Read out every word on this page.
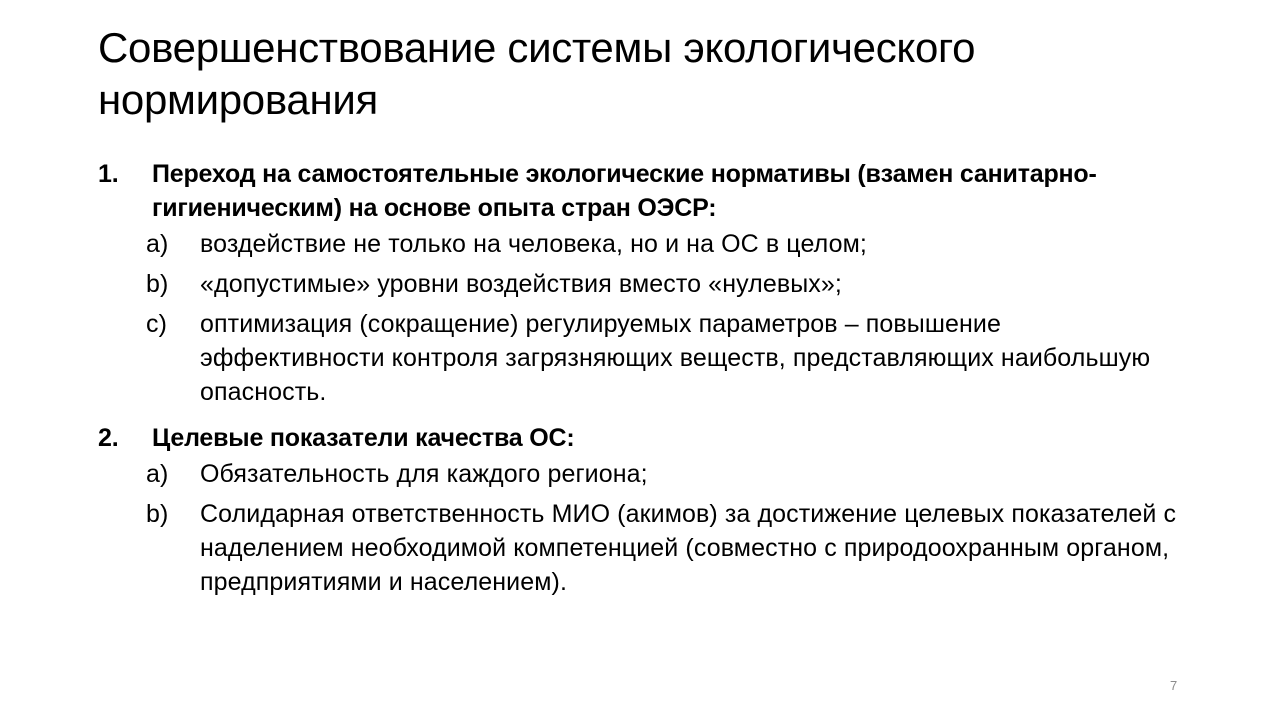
Совершенствование системы экологического нормирования
1. Переход на самостоятельные экологические нормативы (взамен санитарно-гигиеническим) на основе опыта стран ОЭСР:
a) воздействие не только на человека, но и на ОС в целом;
b) «допустимые» уровни воздействия вместо «нулевых»;
c) оптимизация (сокращение) регулируемых параметров – повышение эффективности контроля загрязняющих веществ, представляющих наибольшую опасность.
2. Целевые показатели качества ОС:
a) Обязательность для каждого региона;
b) Солидарная ответственность МИО (акимов) за достижение целевых показателей с наделением необходимой компетенцией (совместно с природоохранным органом, предприятиями и населением).
7
